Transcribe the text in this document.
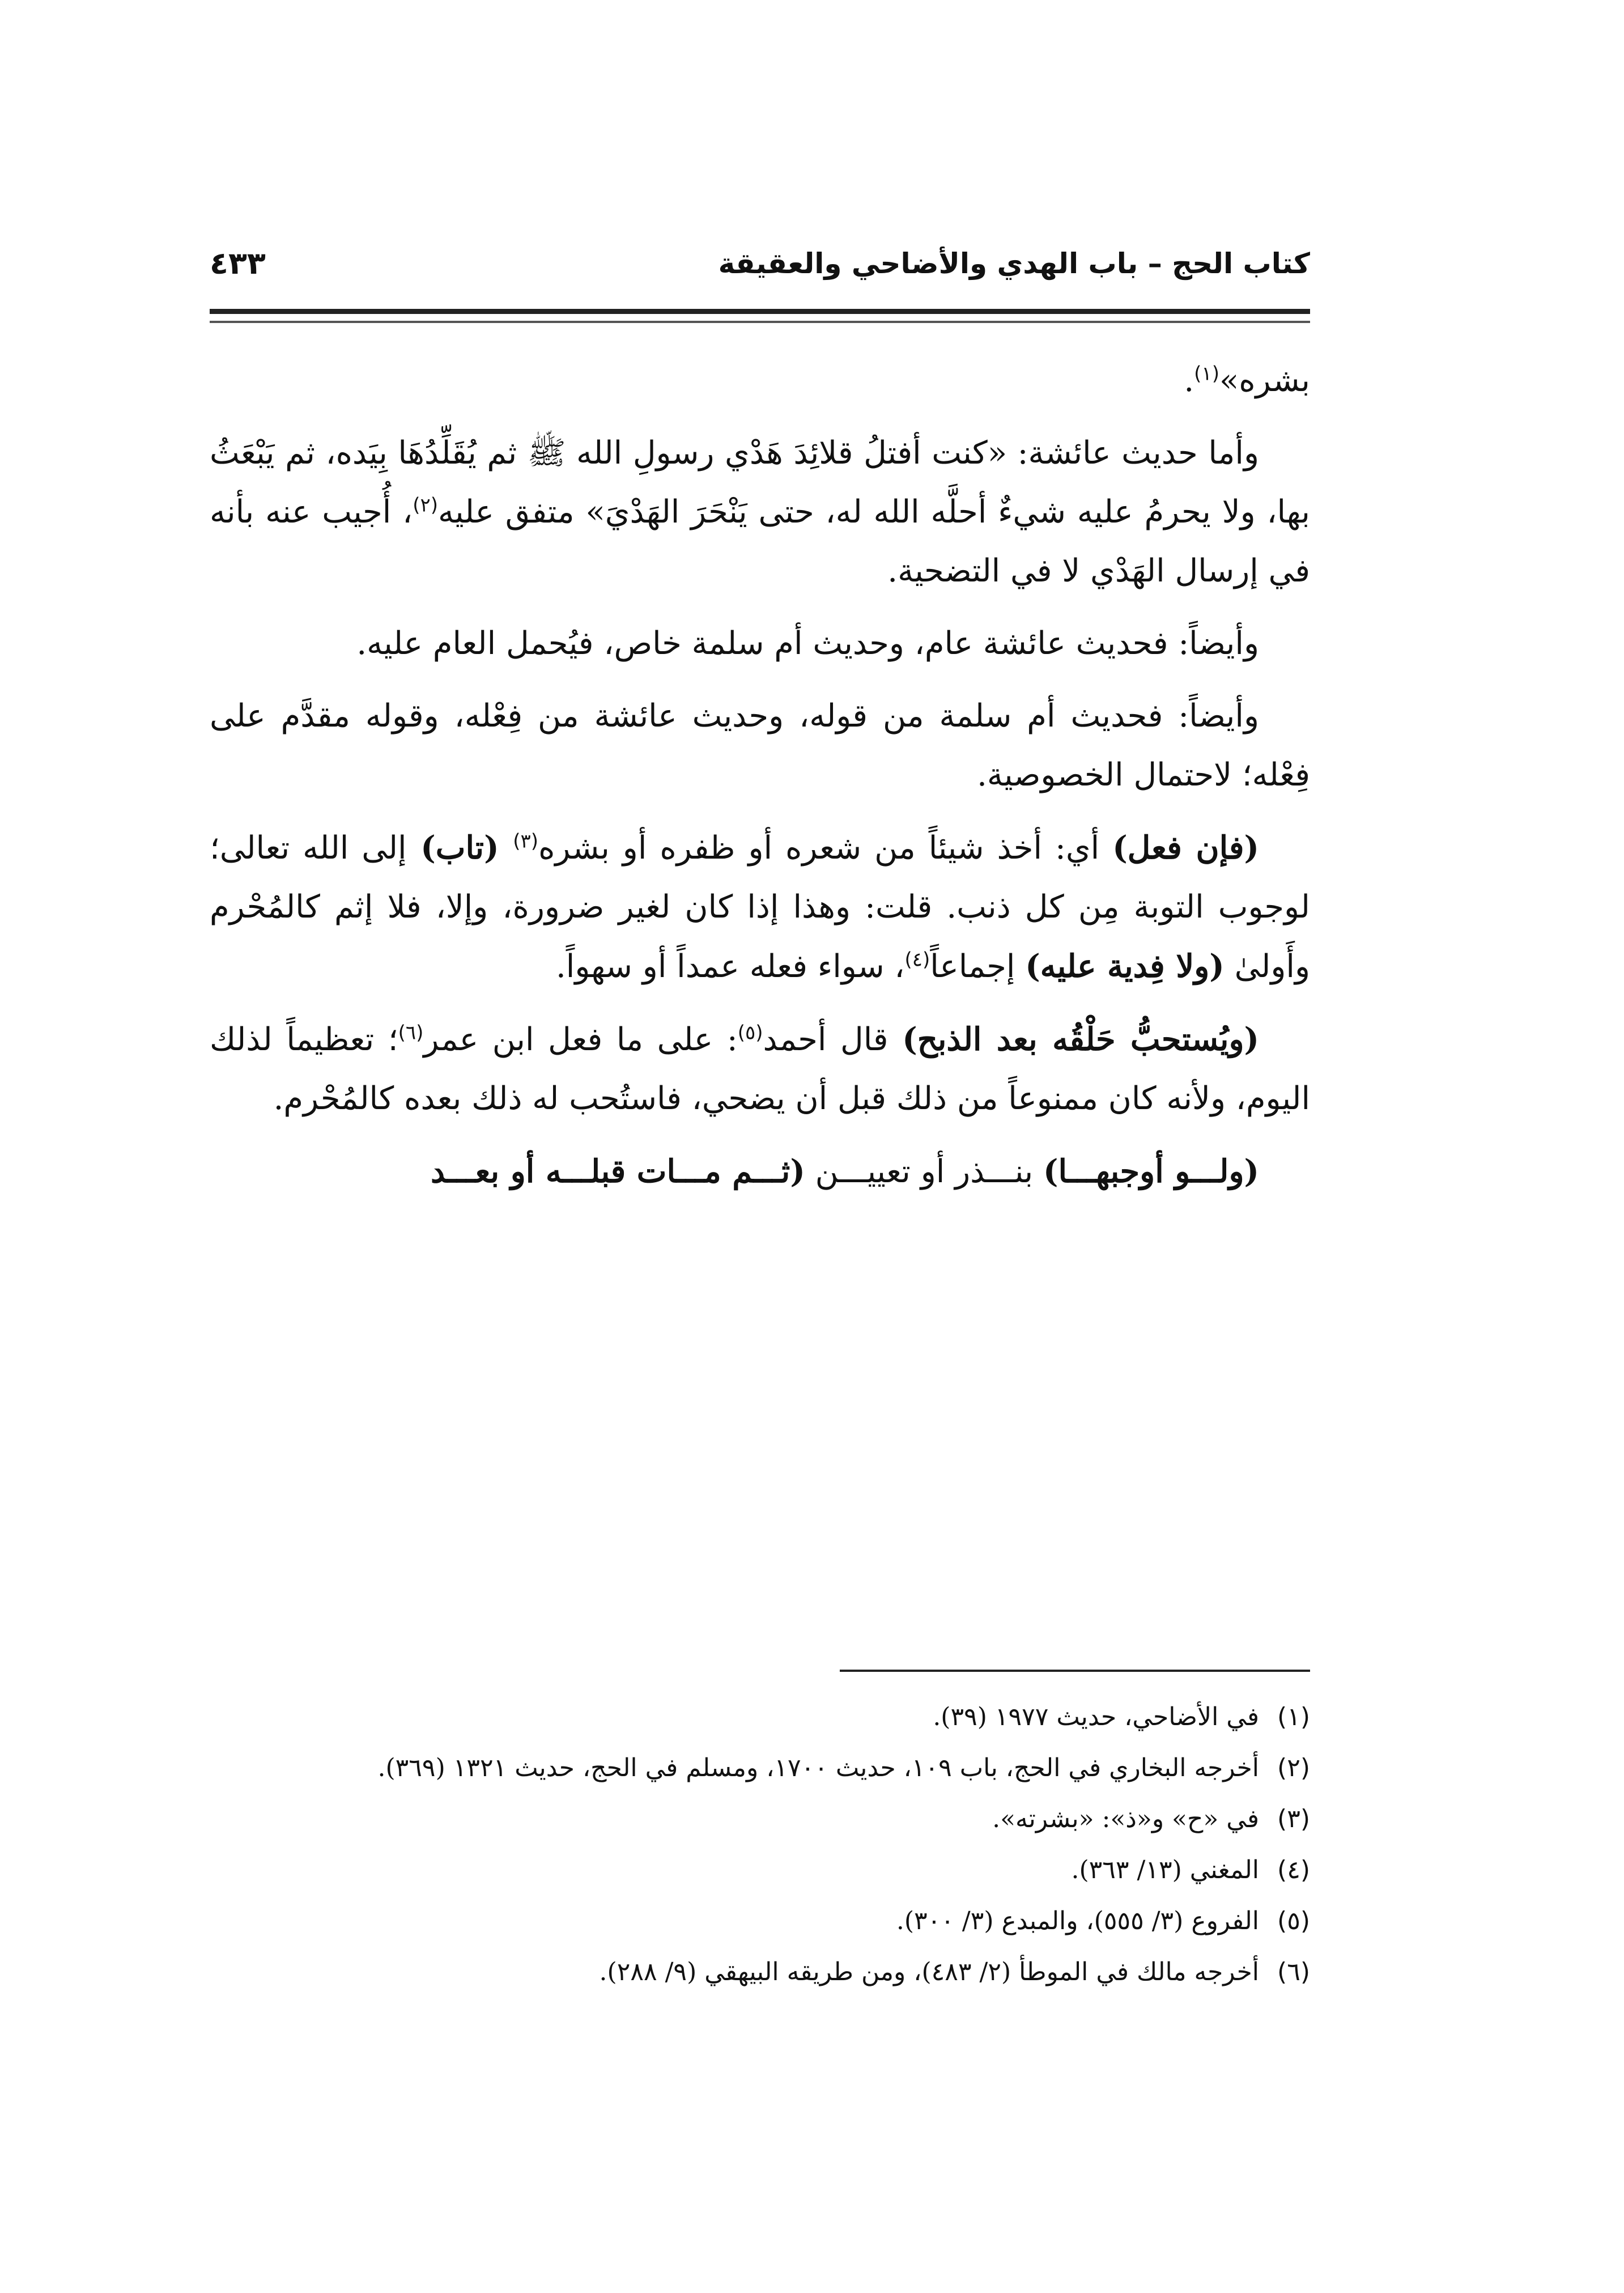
كتاب الحج – باب الهدي والأضاحي والعقيقة
٤٣٣

بشره»$^{(١)}$.

وأما حديث عائشة: «كنت أفتلُ قلائِدَ هَدْي رسولِ الله ﷺ ثم يُقَلِّدُهَا بِيَده، ثم يَبْعَثُ بها، ولا يحرمُ عليه شيءٌ أحلَّه الله له، حتى يَنْحَرَ الهَدْيَ» متفق عليه$^{(٢)}$، أُجيب عنه بأنه في إرسال الهَدْي لا في التضحية.

وأيضاً: فحديث عائشة عام، وحديث أم سلمة خاص، فيُحمل العام عليه.

وأيضاً: فحديث أم سلمة من قوله، وحديث عائشة من فِعْله، وقوله مقدَّم على فِعْله؛ لاحتمال الخصوصية.

(فإن فعل) أي: أخذ شيئاً من شعره أو ظفره أو بشره$^{(٣)}$ (تاب) إلى الله تعالى؛ لوجوب التوبة مِن كل ذنب. قلت: وهذا إذا كان لغير ضرورة، وإلا، فلا إثم كالمُحْرم وأَولىٰ (ولا فِدية عليه) إجماعاً$^{(٤)}$، سواء فعله عمداً أو سهواً.

(ويُستحبُّ حَلْقُه بعد الذبح) قال أحمد$^{(٥)}$: على ما فعل ابن عمر$^{(٦)}$؛ تعظيماً لذلك اليوم، ولأنه كان ممنوعاً من ذلك قبل أن يضحي، فاستُحب له ذلك بعده كالمُحْرم.

(ولـــو أوجبهـــا) بنـــذر أو تعييـــن (ثـــم مـــات قبلـــه أو بعـــد

(١)
في الأضاحي، حديث ١٩٧٧ (٣٩).
(٢)
أخرجه البخاري في الحج، باب ١٠٩، حديث ١٧٠٠، ومسلم في الحج، حديث ١٣٢١ (٣٦٩).
(٣)
في «ح» و«ذ»: «بشرته».
(٤)
المغني (١٣/ ٣٦٣).
(٥)
الفروع (٣/ ٥٥٥)، والمبدع (٣/ ٣٠٠).
(٦)
أخرجه مالك في الموطأ (٢/ ٤٨٣)، ومن طريقه البيهقي (٩/ ٢٨٨).
